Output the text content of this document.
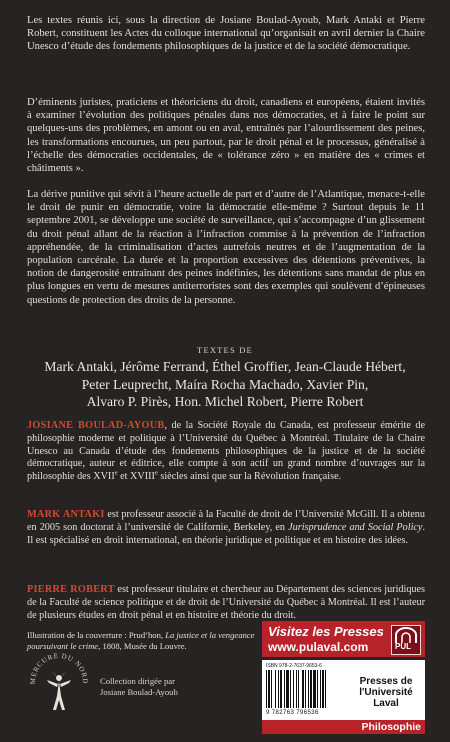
Les textes réunis ici, sous la direction de Josiane Boulad-Ayoub, Mark Antaki et Pierre Robert, constituent les Actes du colloque international qu’organisait en avril dernier la Chaire Unesco d’étude des fondements philosophiques de la justice et de la société démocratique.

D’éminents juristes, praticiens et théoriciens du droit, canadiens et européens, étaient invités à examiner l’évolution des politiques pénales dans nos démocraties, et à faire le point sur quelques-uns des problèmes, en amont ou en aval, entraînés par l’alourdissement des peines, les transformations encourues, un peu partout, par le droit pénal et le processus, généralisé à l’échelle des démocraties occidentales, de « tolérance zéro » en matière des « crimes et châtiments ».

La dérive punitive qui sévit à l’heure actuelle de part et d’autre de l’Atlantique, menace-t-elle le droit de punir en démocratie, voire la démocratie elle-même ? Surtout depuis le 11 septembre 2001, se développe une société de surveillance, qui s’accompagne d’un glissement du droit pénal allant de la réaction à l’infraction commise à la prévention de l’infraction appréhendée, de la criminalisation d’actes autrefois neutres et de l’augmentation de la population carcérale. La durée et la proportion excessives des détentions préventives, la notion de dangerosité entraînant des peines indéfinies, les détentions sans mandat de plus en plus longues en vertu de mesures antiterroristes sont des exemples qui soulèvent d’épineuses questions de protection des droits de la personne.

TEXTES DE
Mark Antaki, Jérôme Ferrand, Éthel Groffier, Jean-Claude Hébert,
Peter Leuprecht, Maíra Rocha Machado, Xavier Pin,
Alvaro P. Pirès, Hon. Michel Robert, Pierre Robert

JOSIANE BOULAD-AYOUB, de la Société Royale du Canada, est professeur émérite de philosophie moderne et politique à l’Université du Québec à Montréal. Titulaire de la Chaire Unesco au Canada d’étude des fondements philosophiques de la justice et de la société démocratique, auteur et éditrice, elle compte à son actif un grand nombre d’ouvrages sur la philosophie des XVIIe et XVIIIe siècles ainsi que sur la Révolution française.

MARK ANTAKI est professeur associé à la Faculté de droit de l’Université McGill. Il a obtenu en 2005 son doctorat à l’université de Californie, Berkeley, en Jurisprudence and Social Policy. Il est spécialisé en droit international, en théorie juridique et politique et en histoire des idées.

PIERRE ROBERT est professeur titulaire et chercheur au Département des sciences juridiques de la Faculté de science politique et de droit de l’Université du Québec à Montréal. Il est l’auteur de plusieurs études en droit pénal et en histoire et théorie du droit.

Illustration de la couverture : Prud’hon, La justice et la vengeance poursuivant le crime, 1808, Musée du Louvre.
MERCURE DU NORD Collection dirigée par
Josiane Boulad-Ayoub
Visitez les Presses
www.pulaval.com	PUL
ISBN 978-2-7637-9653-6
9 782763 796536
Presses de
l'Université Laval
Philosophie
